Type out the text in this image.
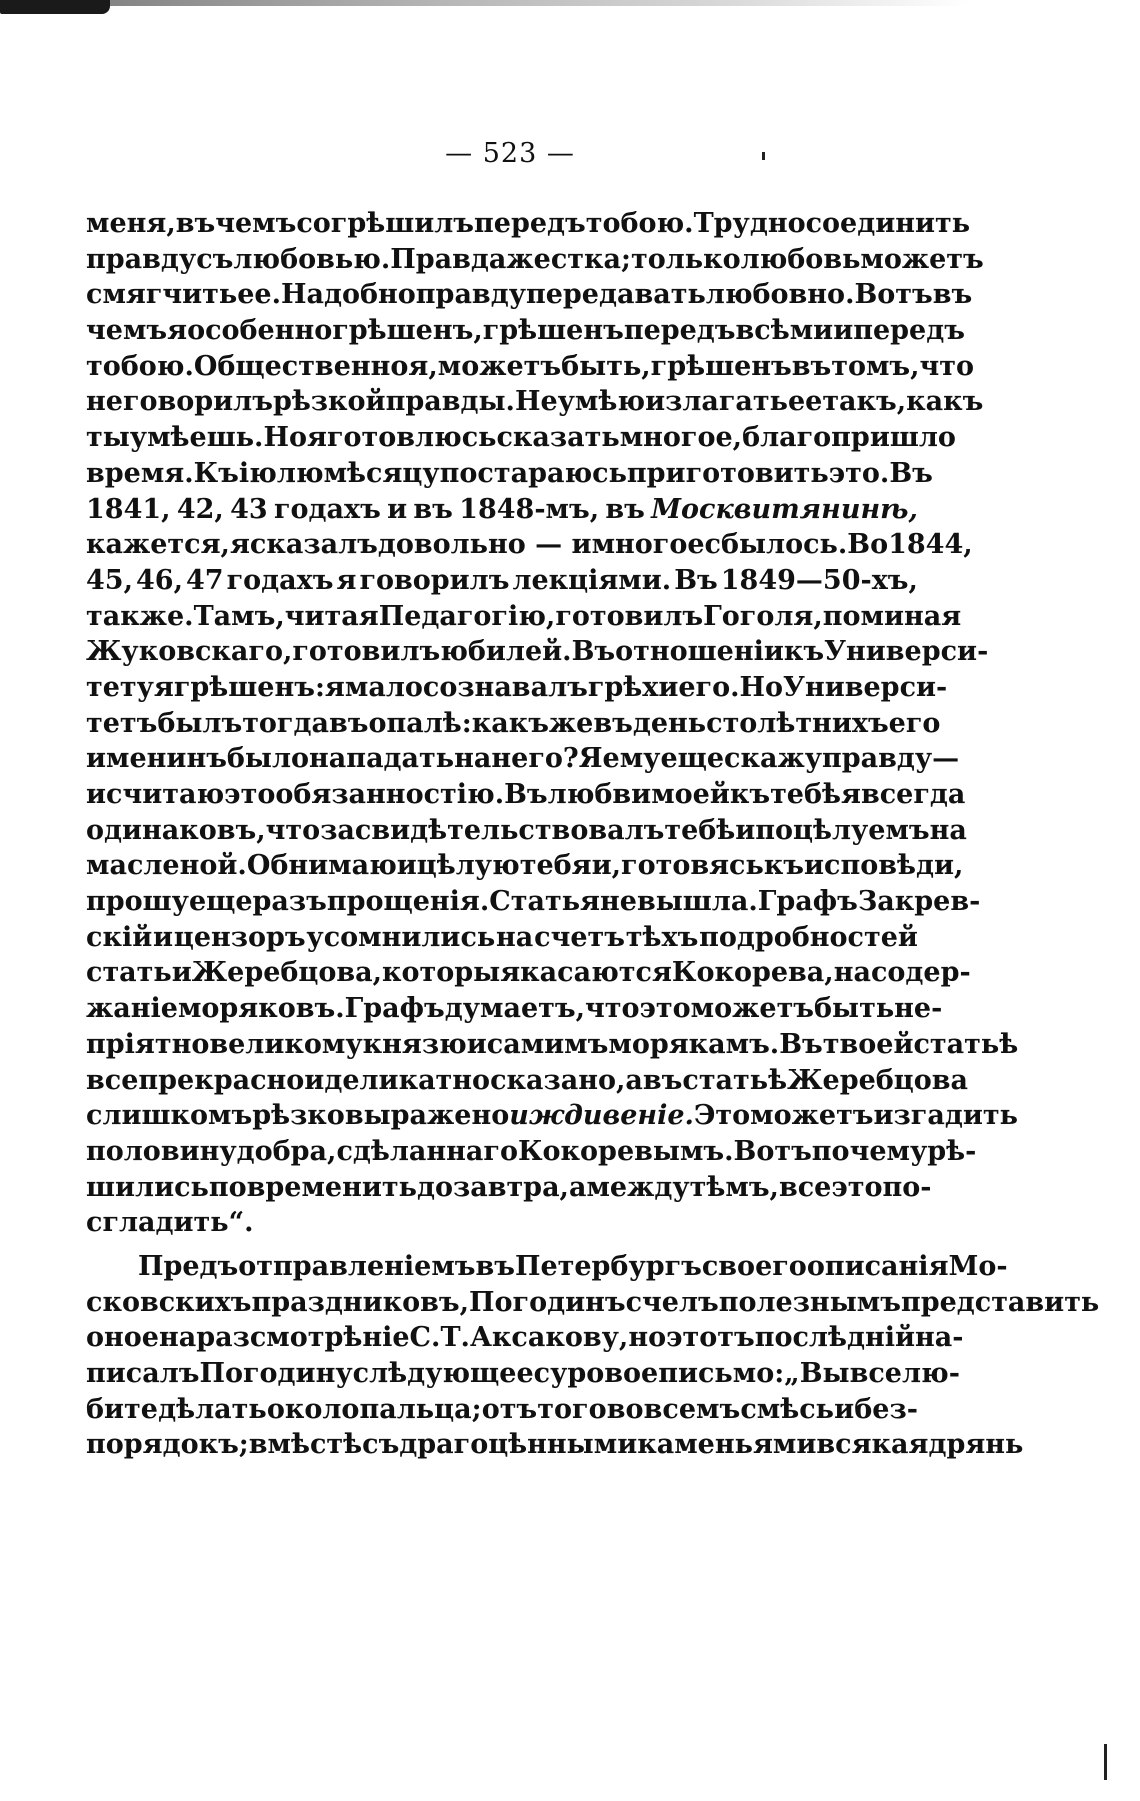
— 523 —
меня, въ чемъ согрѣшилъ передъ тобою. Трудно соединить
правду съ любовью. Правда жестка; только любовь можетъ
смягчить ее. Надобно правду передавать любовно. Вотъ въ
чемъ я особенно грѣшенъ, грѣшенъ передъ всѣми и передъ
тобою. Общественно я, можетъ быть, грѣшенъ въ томъ, что
не говорилъ рѣзкой правды. Не умѣю излагать ее такъ, какъ
ты умѣешь. Но я готовлюсь сказать многое, благо пришло
время. Къ іюлю мѣсяцу постараюсь приготовить это. Въ
1841, 42, 43 годахъ и въ 1848-мъ, въ Москвитянинѣ,
кажется, я сказалъ довольно — и многое сбылось. Во 1844,
45, 46, 47 годахъ я говорилъ лекціями. Въ 1849—50-хъ,
также. Тамъ, читая Педагогію, готовилъ Гоголя, поминая
Жуковскаго, готовилъ юбилей. Въ отношеніи къ Универси-
тету я грѣшенъ: я мало сознавалъ грѣхи его. Но Универси-
тетъ былъ тогда въ опалѣ: какъ же въ день столѣтнихъ его
именинъ было нападать на него? Я ему еще скажу правду—
и считаю это обязанностію. Въ любви моей къ тебѣ я всегда
одинаковъ, что засвидѣтельствовалъ тебѣ и поцѣлуемъ на
масленой. Обнимаю и цѣлую тебя и, готовясь къ исповѣди,
прошу еще разъ прощенія. Статья не вышла. Графъ Закрев-
скій и цензоръ усомнились на счетъ тѣхъ подробностей
статьи Жеребцова, которыя касаются Кокорева, на содер-
жаніе моряковъ. Графъ думаетъ, что это можетъ быть не-
пріятно великому князю и самимъ морякамъ. Въ твоей статьѣ
все прекрасно и деликатно сказано, а въ статьѣ Жеребцова
слишкомъ рѣзко выражено иждивеніе. Это можетъ изгадить
половину добра, сдѣланнаго Кокоревымъ. Вотъ почему рѣ-
шились повременить до завтра, а между тѣмъ, все это по-
сгладить“.
Предъ отправленіемъ въ Петербургъ своего описанія Мо-
сковскихъ праздниковъ, Погодинъ счелъ полезнымъ представить
оное на разсмотрѣніе С. Т. Аксакову, но этотъ послѣдній на-
писалъ Погодину слѣдующее суровое письмо: „Вы все лю-
бите дѣлать около пальца; отъ того во всемъ смѣсь и без-
порядокъ; вмѣстѣ съ драгоцѣнными каменьями всякая дрянь
